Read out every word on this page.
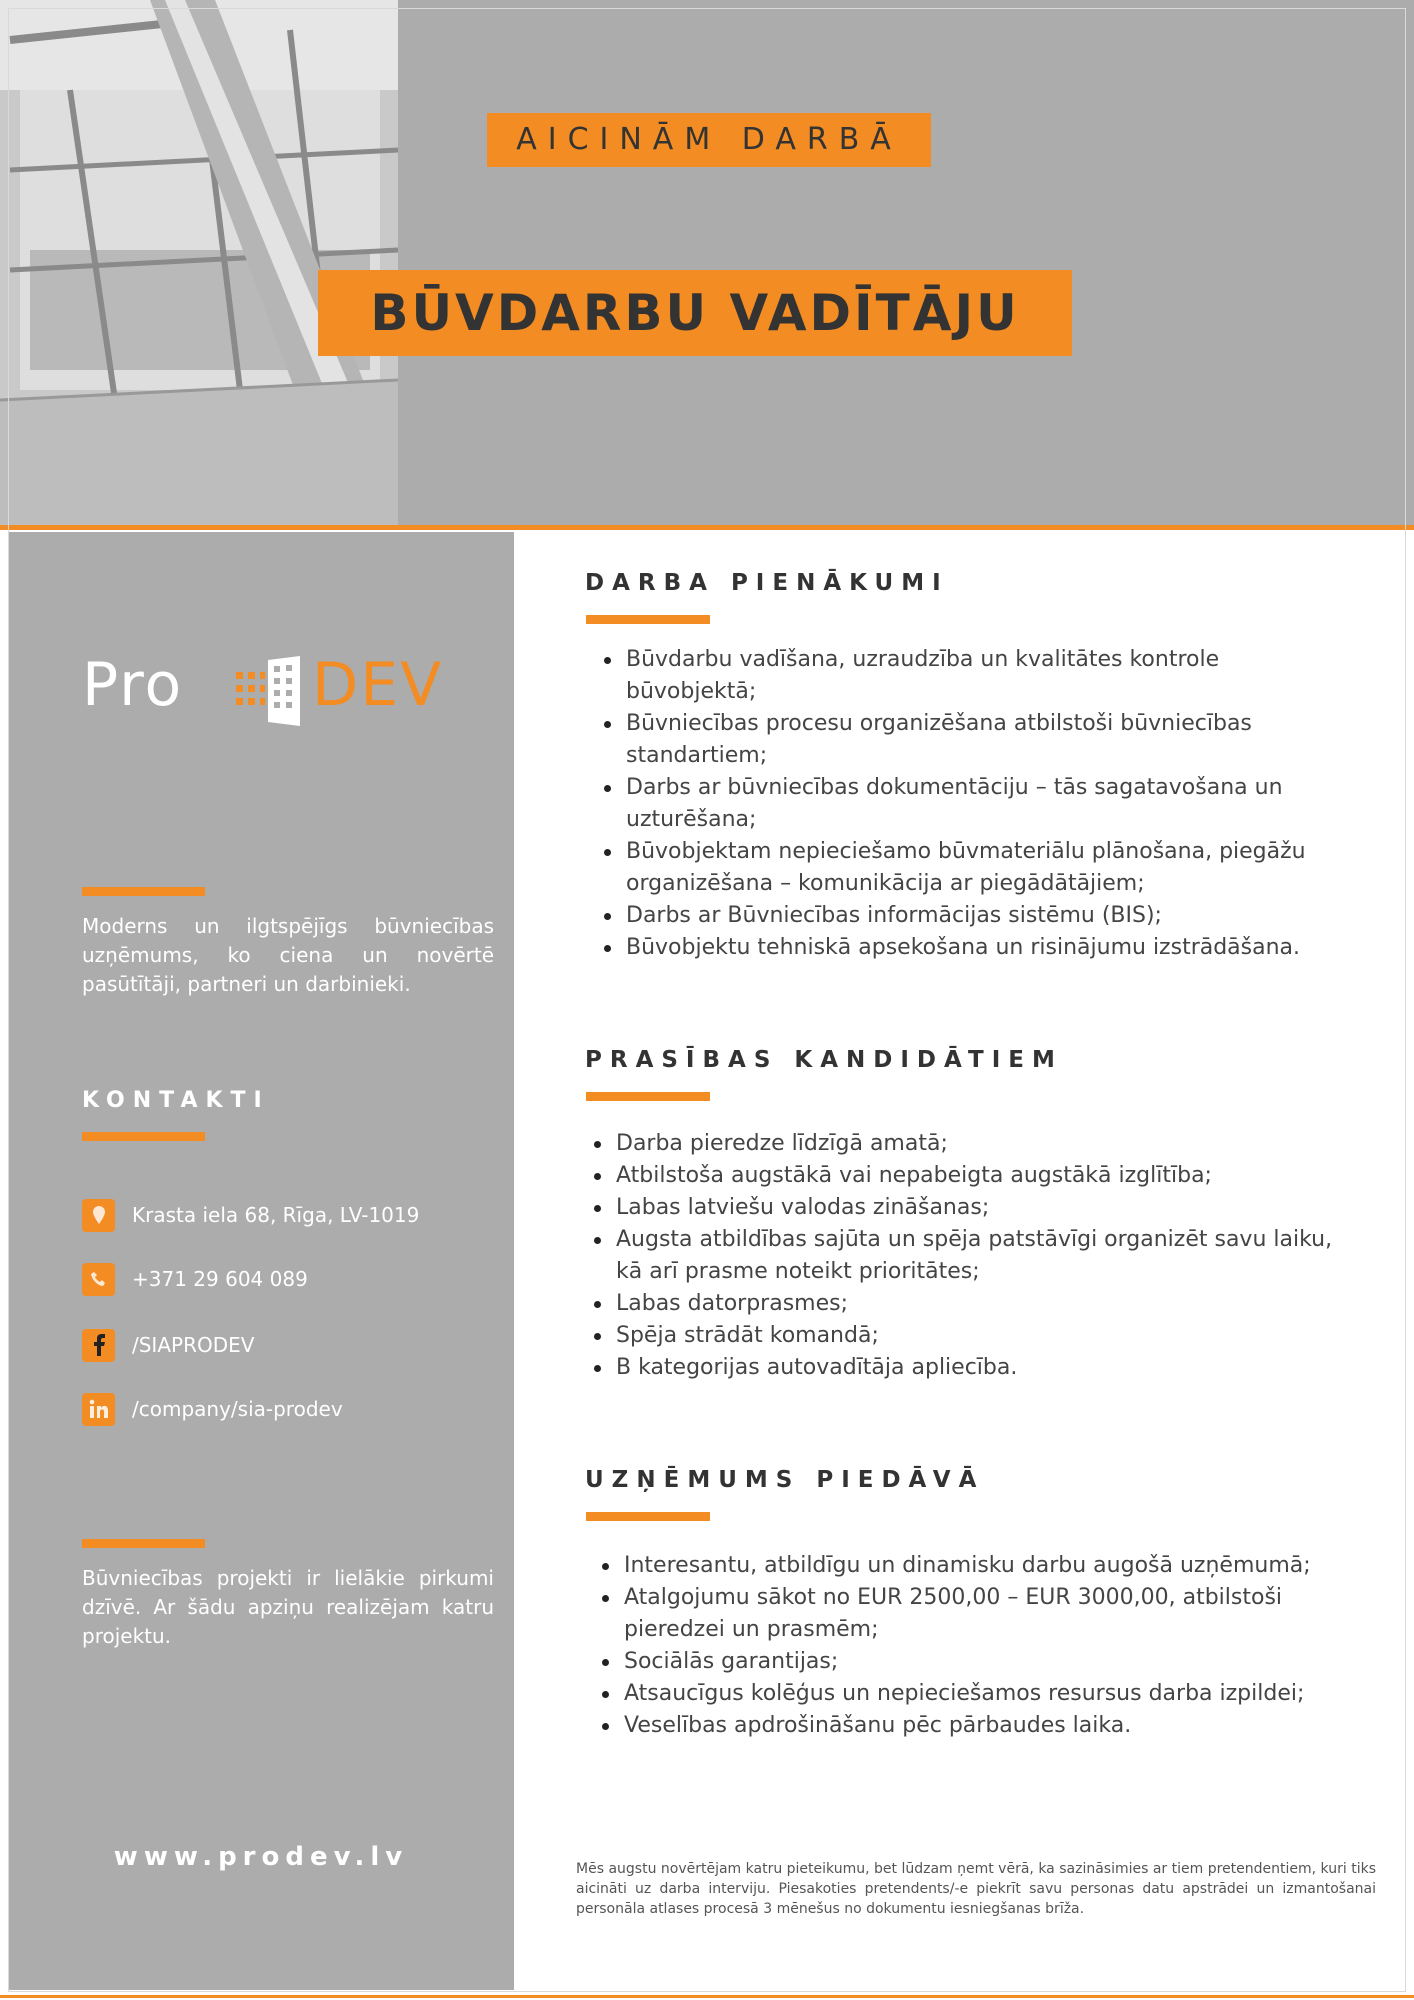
AICINĀM DARBĀ
BŪVDARBU VADĪTĀJU
Pro DEV
Moderns un ilgtspējīgs būvniecības uzņēmums, ko ciena un novērtē pasūtītāji, partneri un darbinieki.
KONTAKTI
Krasta iela 68, Rīga, LV-1019
+371 29 604 089
/SIAPRODEV
/company/sia-prodev
Būvniecības projekti ir lielākie pirkumi dzīvē. Ar šādu apziņu realizējam katru projektu.
www.prodev.lv
DARBA PIENĀKUMI
Būvdarbu vadīšana, uzraudzība un kvalitātes kontrole būvobjektā;
Būvniecības procesu organizēšana atbilstoši būvniecības standartiem;
Darbs ar būvniecības dokumentāciju – tās sagatavošana un uzturēšana;
Būvobjektam nepieciešamo būvmateriālu plānošana, piegāžu organizēšana – komunikācija ar piegādātājiem;
Darbs ar Būvniecības informācijas sistēmu (BIS);
Būvobjektu tehniskā apsekošana un risinājumu izstrādāšana.
PRASĪBAS KANDIDĀTIEM
Darba pieredze līdzīgā amatā;
Atbilstoša augstākā vai nepabeigta augstākā izglītība;
Labas latviešu valodas zināšanas;
Augsta atbildības sajūta un spēja patstāvīgi organizēt savu laiku, kā arī prasme noteikt prioritātes;
Labas datorprasmes;
Spēja strādāt komandā;
B kategorijas autovadītāja apliecība.
UZŅĒMUMS PIEDĀVĀ
Interesantu, atbildīgu un dinamisku darbu augošā uzņēmumā;
Atalgojumu sākot no EUR 2500,00 – EUR 3000,00, atbilstoši pieredzei un prasmēm;
Sociālās garantijas;
Atsaucīgus kolēģus un nepieciešamos resursus darba izpildei;
Veselības apdrošināšanu pēc pārbaudes laika.
Mēs augstu novērtējam katru pieteikumu, bet lūdzam ņemt vērā, ka sazināsimies ar tiem pretendentiem, kuri tiks aicināti uz darba interviju. Piesakoties pretendents/-e piekrīt savu personas datu apstrādei un izmantošanai personāla atlases procesā 3 mēnešus no dokumentu iesniegšanas brīža.
